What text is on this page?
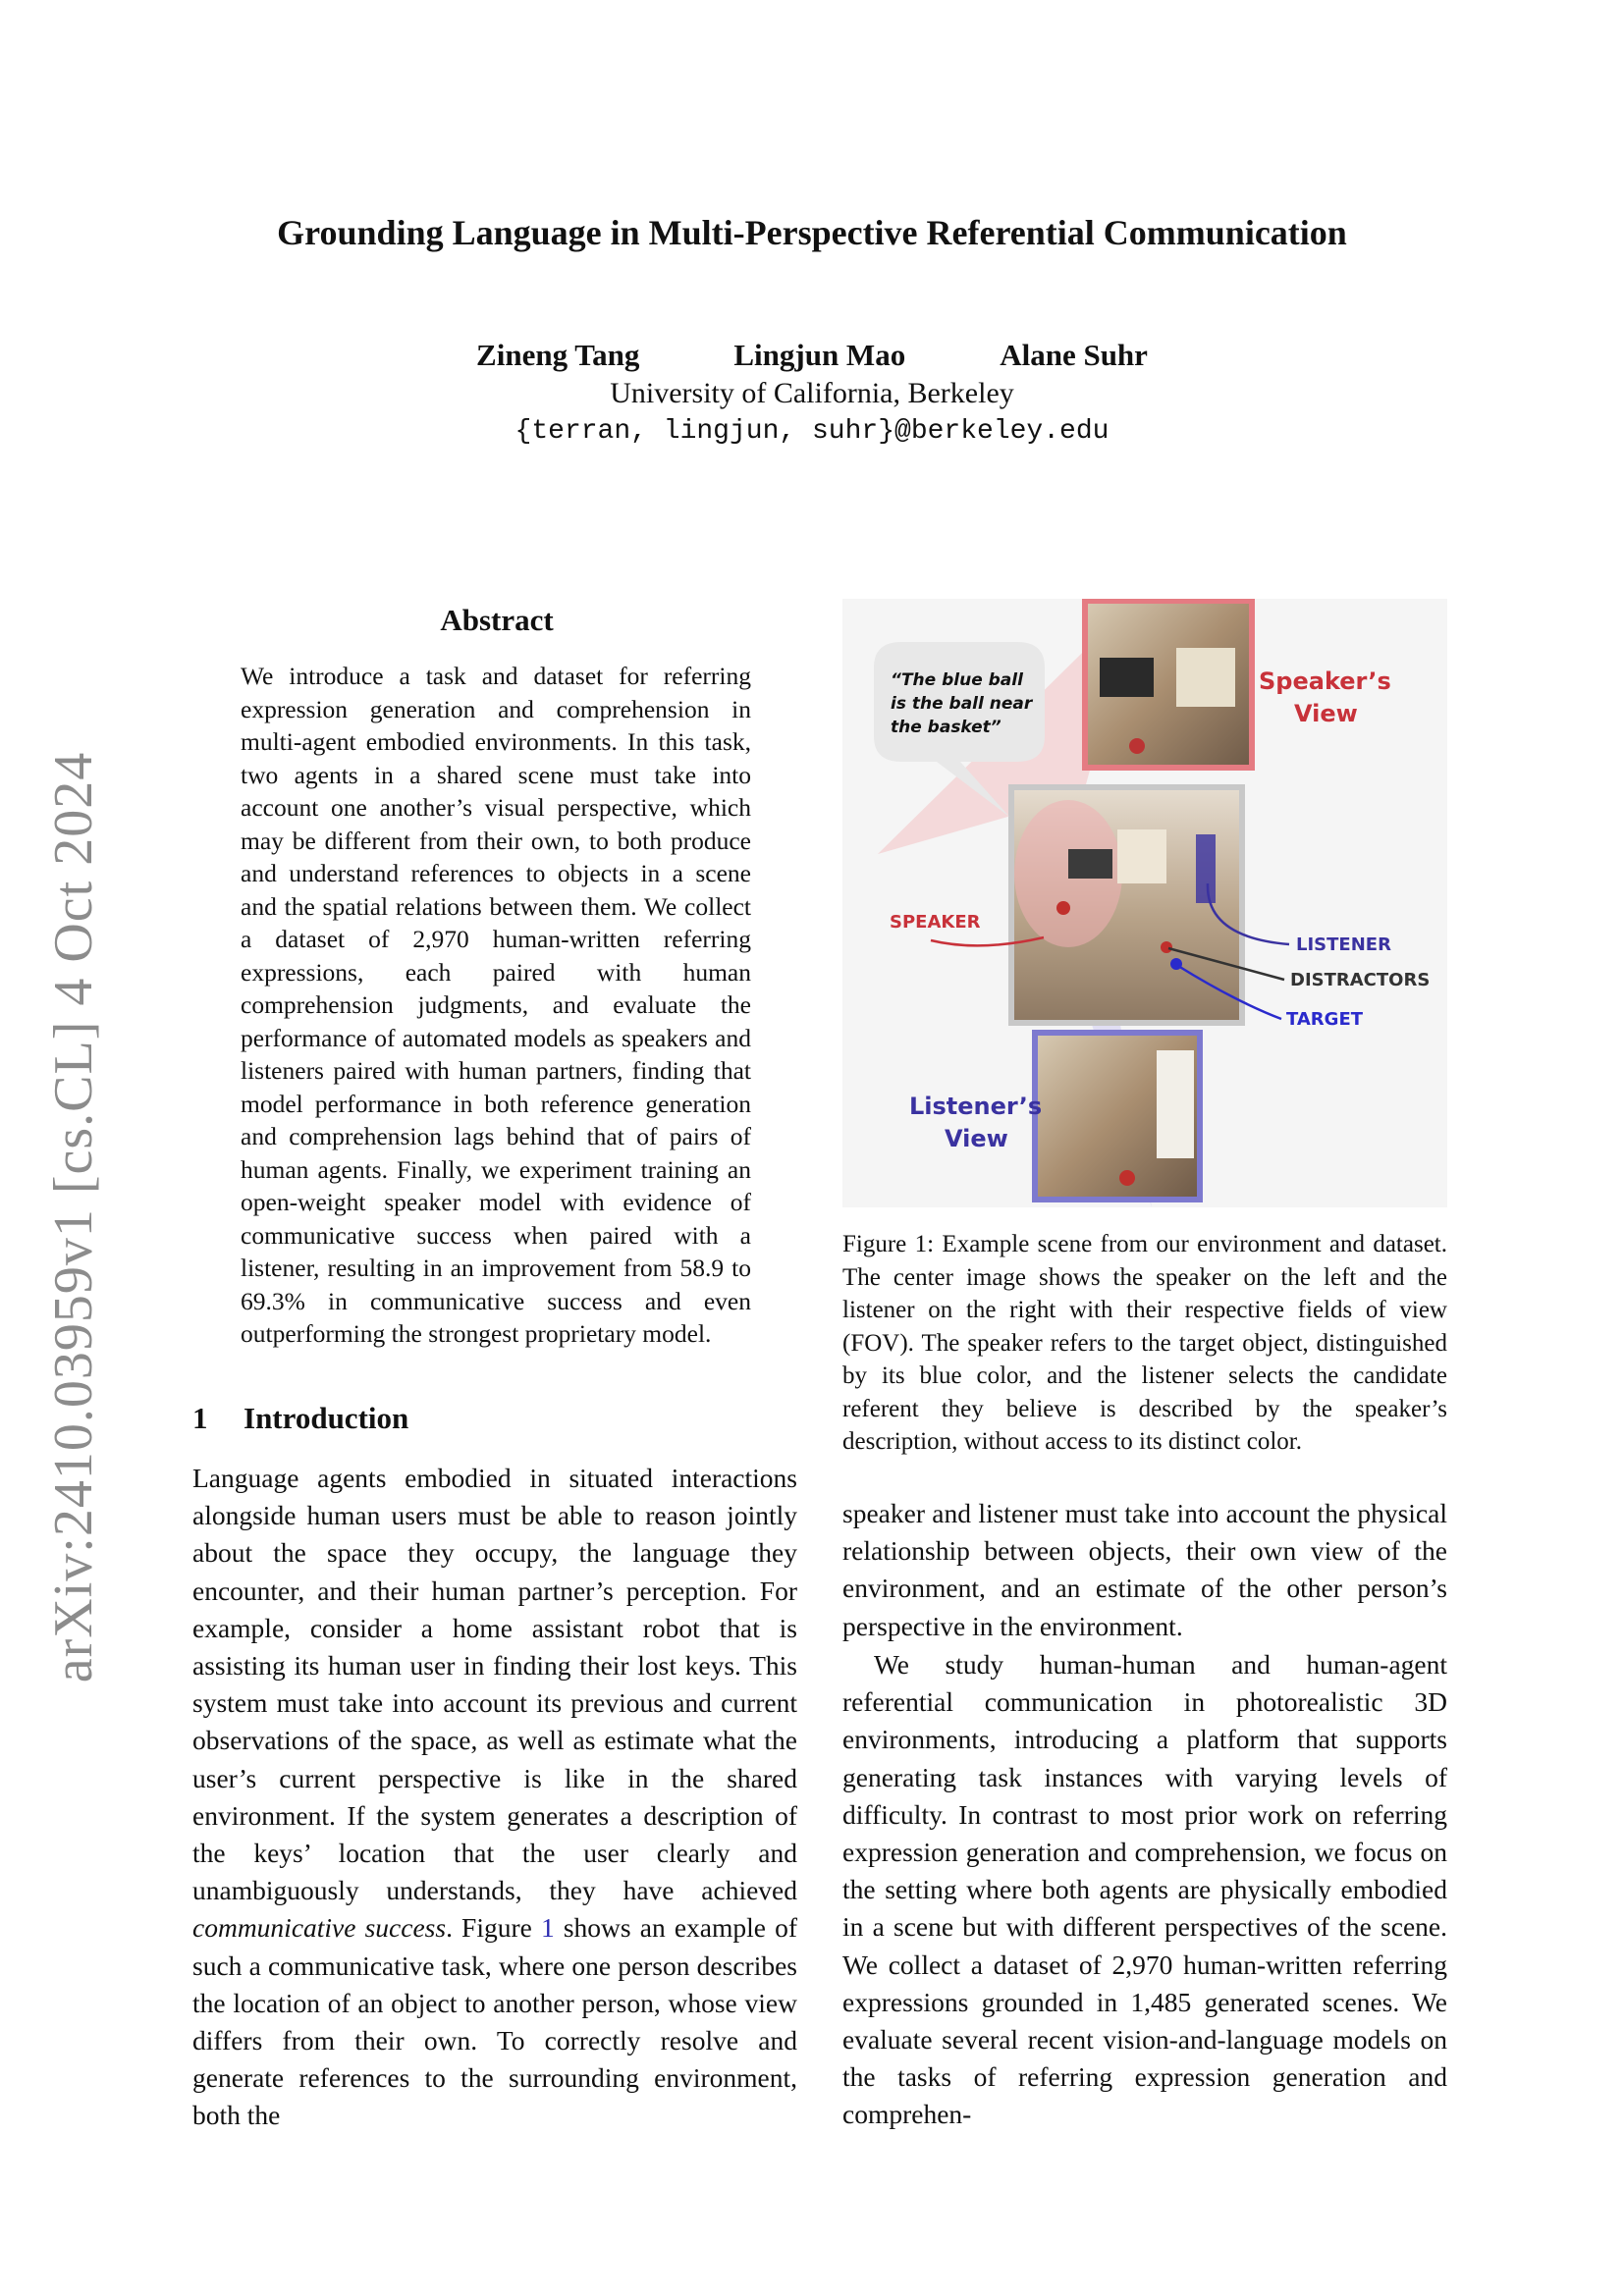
arXiv:2410.03959v1 [cs.CL] 4 Oct 2024
Grounding Language in Multi-Perspective Referential Communication
Zineng Tang	Lingjun Mao	Alane Suhr
University of California, Berkeley
{terran, lingjun, suhr}@berkeley.edu
Abstract
We introduce a task and dataset for referring expression generation and comprehension in multi-agent embodied environments. In this task, two agents in a shared scene must take into account one another’s visual perspective, which may be different from their own, to both produce and understand references to objects in a scene and the spatial relations between them. We collect a dataset of 2,970 human-written referring expressions, each paired with human comprehension judgments, and evaluate the performance of automated models as speakers and listeners paired with human partners, finding that model performance in both reference generation and comprehension lags behind that of pairs of human agents. Finally, we experiment training an open-weight speaker model with evidence of communicative success when paired with a listener, resulting in an improvement from 58.9 to 69.3% in communicative success and even outperforming the strongest proprietary model.
1 Introduction
Language agents embodied in situated interactions alongside human users must be able to reason jointly about the space they occupy, the language they encounter, and their human partner’s perception. For example, consider a home assistant robot that is assisting its human user in finding their lost keys. This system must take into account its previous and current observations of the space, as well as estimate what the user’s current perspective is like in the shared environment. If the system generates a description of the keys’ location that the user clearly and unambiguously understands, they have achieved communicative success. Figure 1 shows an example of such a communicative task, where one person describes the location of an object to another person, whose view differs from their own. To correctly resolve and generate references to the surrounding environment, both the
speaker and listener must take into account the physical relationship between objects, their own view of the environment, and an estimate of the other person’s perspective in the environment.
We study human-human and human-agent referential communication in photorealistic 3D environments, introducing a platform that supports generating task instances with varying levels of difficulty. In contrast to most prior work on referring expression generation and comprehension, we focus on the setting where both agents are physically embodied in a scene but with different perspectives of the scene. We collect a dataset of 2,970 human-written referring expressions grounded in 1,485 generated scenes. We evaluate several recent vision-and-language models on the tasks of referring expression generation and comprehen-
“The blue ball
is the ball near
the basket”
Speaker’s
View
Listener’s
View
SPEAKER
LISTENER
DISTRACTORS
TARGET
Figure 1: Example scene from our environment and dataset. The center image shows the speaker on the left and the listener on the right with their respective fields of view (FOV). The speaker refers to the target object, distinguished by its blue color, and the listener selects the candidate referent they believe is described by the speaker’s description, without access to its distinct color.
